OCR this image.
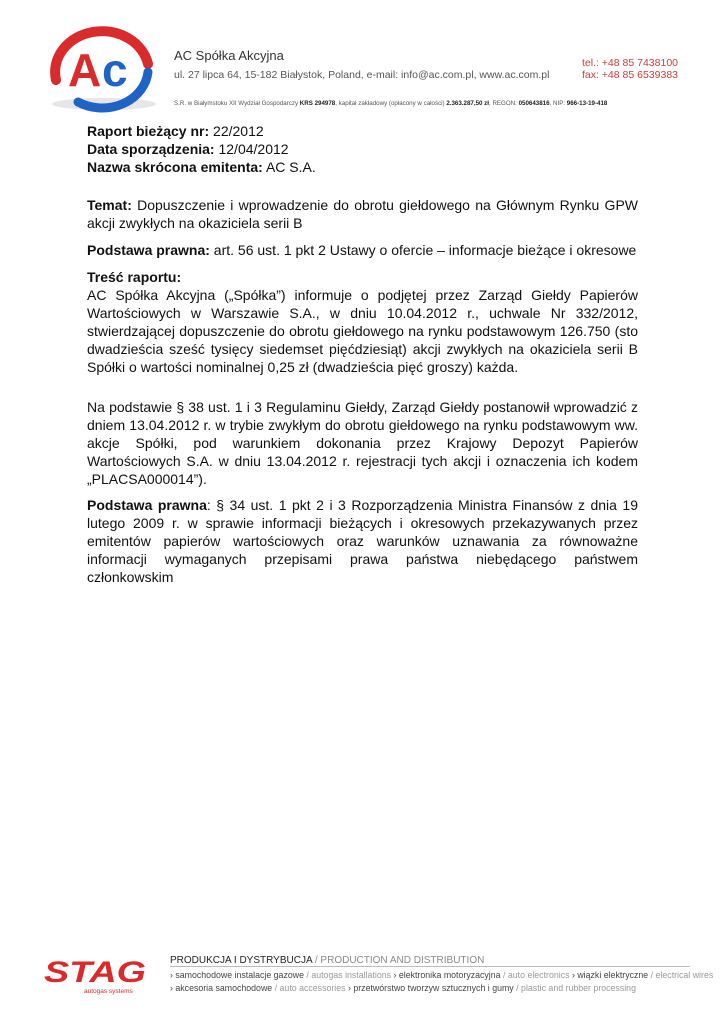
A c	AC Spółka Akcyjna
ul. 27 lipca 64, 15-182 Białystok, Poland, e-mail: info@ac.com.pl, www.ac.com.pl
tel.: +48 85 7438100
fax: +48 85 6539383
S.R. w Białymstoku XII Wydział Gospodarczy KRS 294978, kapitał zakładowy (opłacony w całości) 2.363.287,50 zł, REGON: 050643816, NIP: 966-13-19-418

Raport bieżący nr: 22/2012

Data sporządzenia: 12/04/2012

Nazwa skrócona emitenta: AC S.A.

Temat: Dopuszczenie i wprowadzenie do obrotu giełdowego na Głównym Rynku GPW akcji zwykłych na okaziciela serii B

Podstawa prawna: art. 56 ust. 1 pkt 2 Ustawy o ofercie – informacje bieżące i okresowe

Treść raportu:

AC Spółka Akcyjna („Spółka”) informuje o podjętej przez Zarząd Giełdy Papierów Wartościowych w Warszawie S.A., w dniu 10.04.2012 r., uchwale Nr 332/2012, stwierdzającej dopuszczenie do obrotu giełdowego na rynku podstawowym 126.750 (sto dwadzieścia sześć tysięcy siedemset pięćdziesiąt) akcji zwykłych na okaziciela serii B Spółki o wartości nominalnej 0,25 zł (dwadzieścia pięć groszy) każda.

Na podstawie § 38 ust. 1 i 3 Regulaminu Giełdy, Zarząd Giełdy postanowił wprowadzić z dniem 13.04.2012 r. w trybie zwykłym do obrotu giełdowego na rynku podstawowym ww. akcje Spółki, pod warunkiem dokonania przez Krajowy Depozyt Papierów Wartościowych S.A. w dniu 13.04.2012 r. rejestracji tych akcji i oznaczenia ich kodem „PLACSA000014”).

Podstawa prawna: § 34 ust. 1 pkt 2 i 3 Rozporządzenia Ministra Finansów z dnia 19 lutego 2009 r. w sprawie informacji bieżących i okresowych przekazywanych przez emitentów papierów wartościowych oraz warunków uznawania za równoważne informacji wymaganych przepisami prawa państwa niebędącego państwem członkowskim

STAG
autogas systems
PRODUKCJA I DYSTRYBUCJA / PRODUCTION AND DISTRIBUTION
› samochodowe instalacje gazowe / autogas installations › elektronika motoryzacyjna / auto electronics › wiązki elektryczne / electrical wires
› akcesoria samochodowe / auto accessories › przetwórstwo tworzyw sztucznych i gumy / plastic and rubber processing
